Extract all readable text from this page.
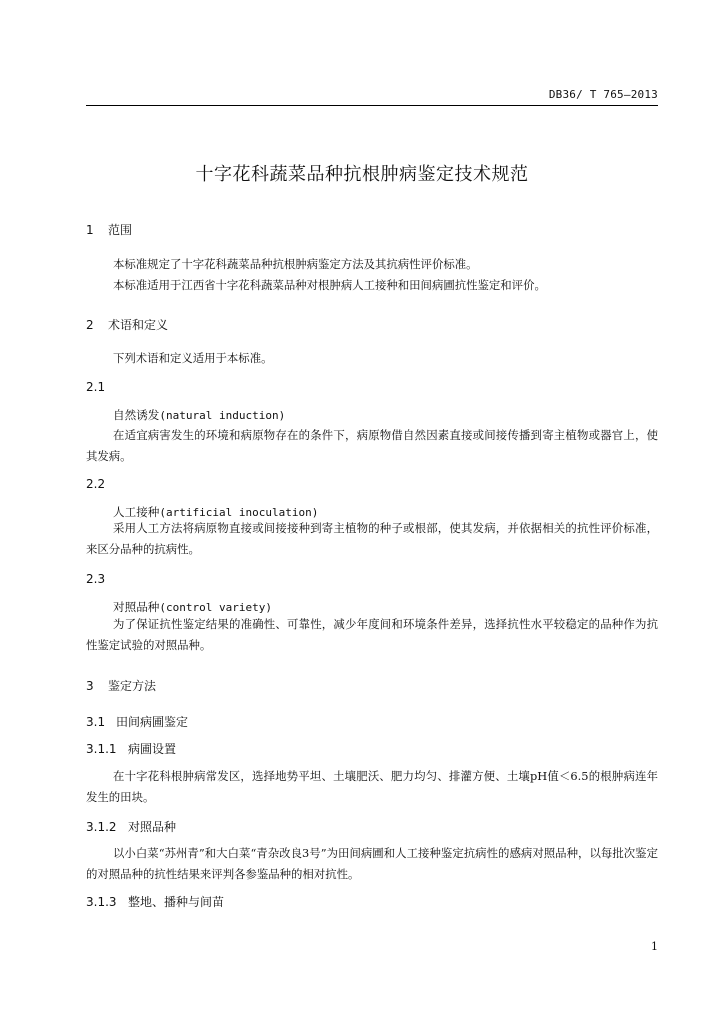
DB36/ T 765—2013
十字花科蔬菜品种抗根肿病鉴定技术规范
1 范围
本标准规定了十字花科蔬菜品种抗根肿病鉴定方法及其抗病性评价标准。
本标准适用于江西省十字花科蔬菜品种对根肿病人工接种和田间病圃抗性鉴定和评价。
2 术语和定义
下列术语和定义适用于本标准。
2.1
自然诱发(natural induction)
在适宜病害发生的环境和病原物存在的条件下，病原物借自然因素直接或间接传播到寄主植物或器官上，使其发病。
2.2
人工接种(artificial inoculation)
采用人工方法将病原物直接或间接接种到寄主植物的种子或根部，使其发病，并依据相关的抗性评价标准，来区分品种的抗病性。
2.3
对照品种(control variety)
为了保证抗性鉴定结果的准确性、可靠性，减少年度间和环境条件差异，选择抗性水平较稳定的品种作为抗性鉴定试验的对照品种。
3 鉴定方法
3.1 田间病圃鉴定
3.1.1 病圃设置
在十字花科根肿病常发区，选择地势平坦、土壤肥沃、肥力均匀、排灌方便、土壤pH值＜6.5的根肿病连年发生的田块。
3.1.2 对照品种
以小白菜“苏州青”和大白菜“青杂改良3号”为田间病圃和人工接种鉴定抗病性的感病对照品种，以每批次鉴定的对照品种的抗性结果来评判各参鉴品种的相对抗性。
3.1.3 整地、播种与间苗
1
